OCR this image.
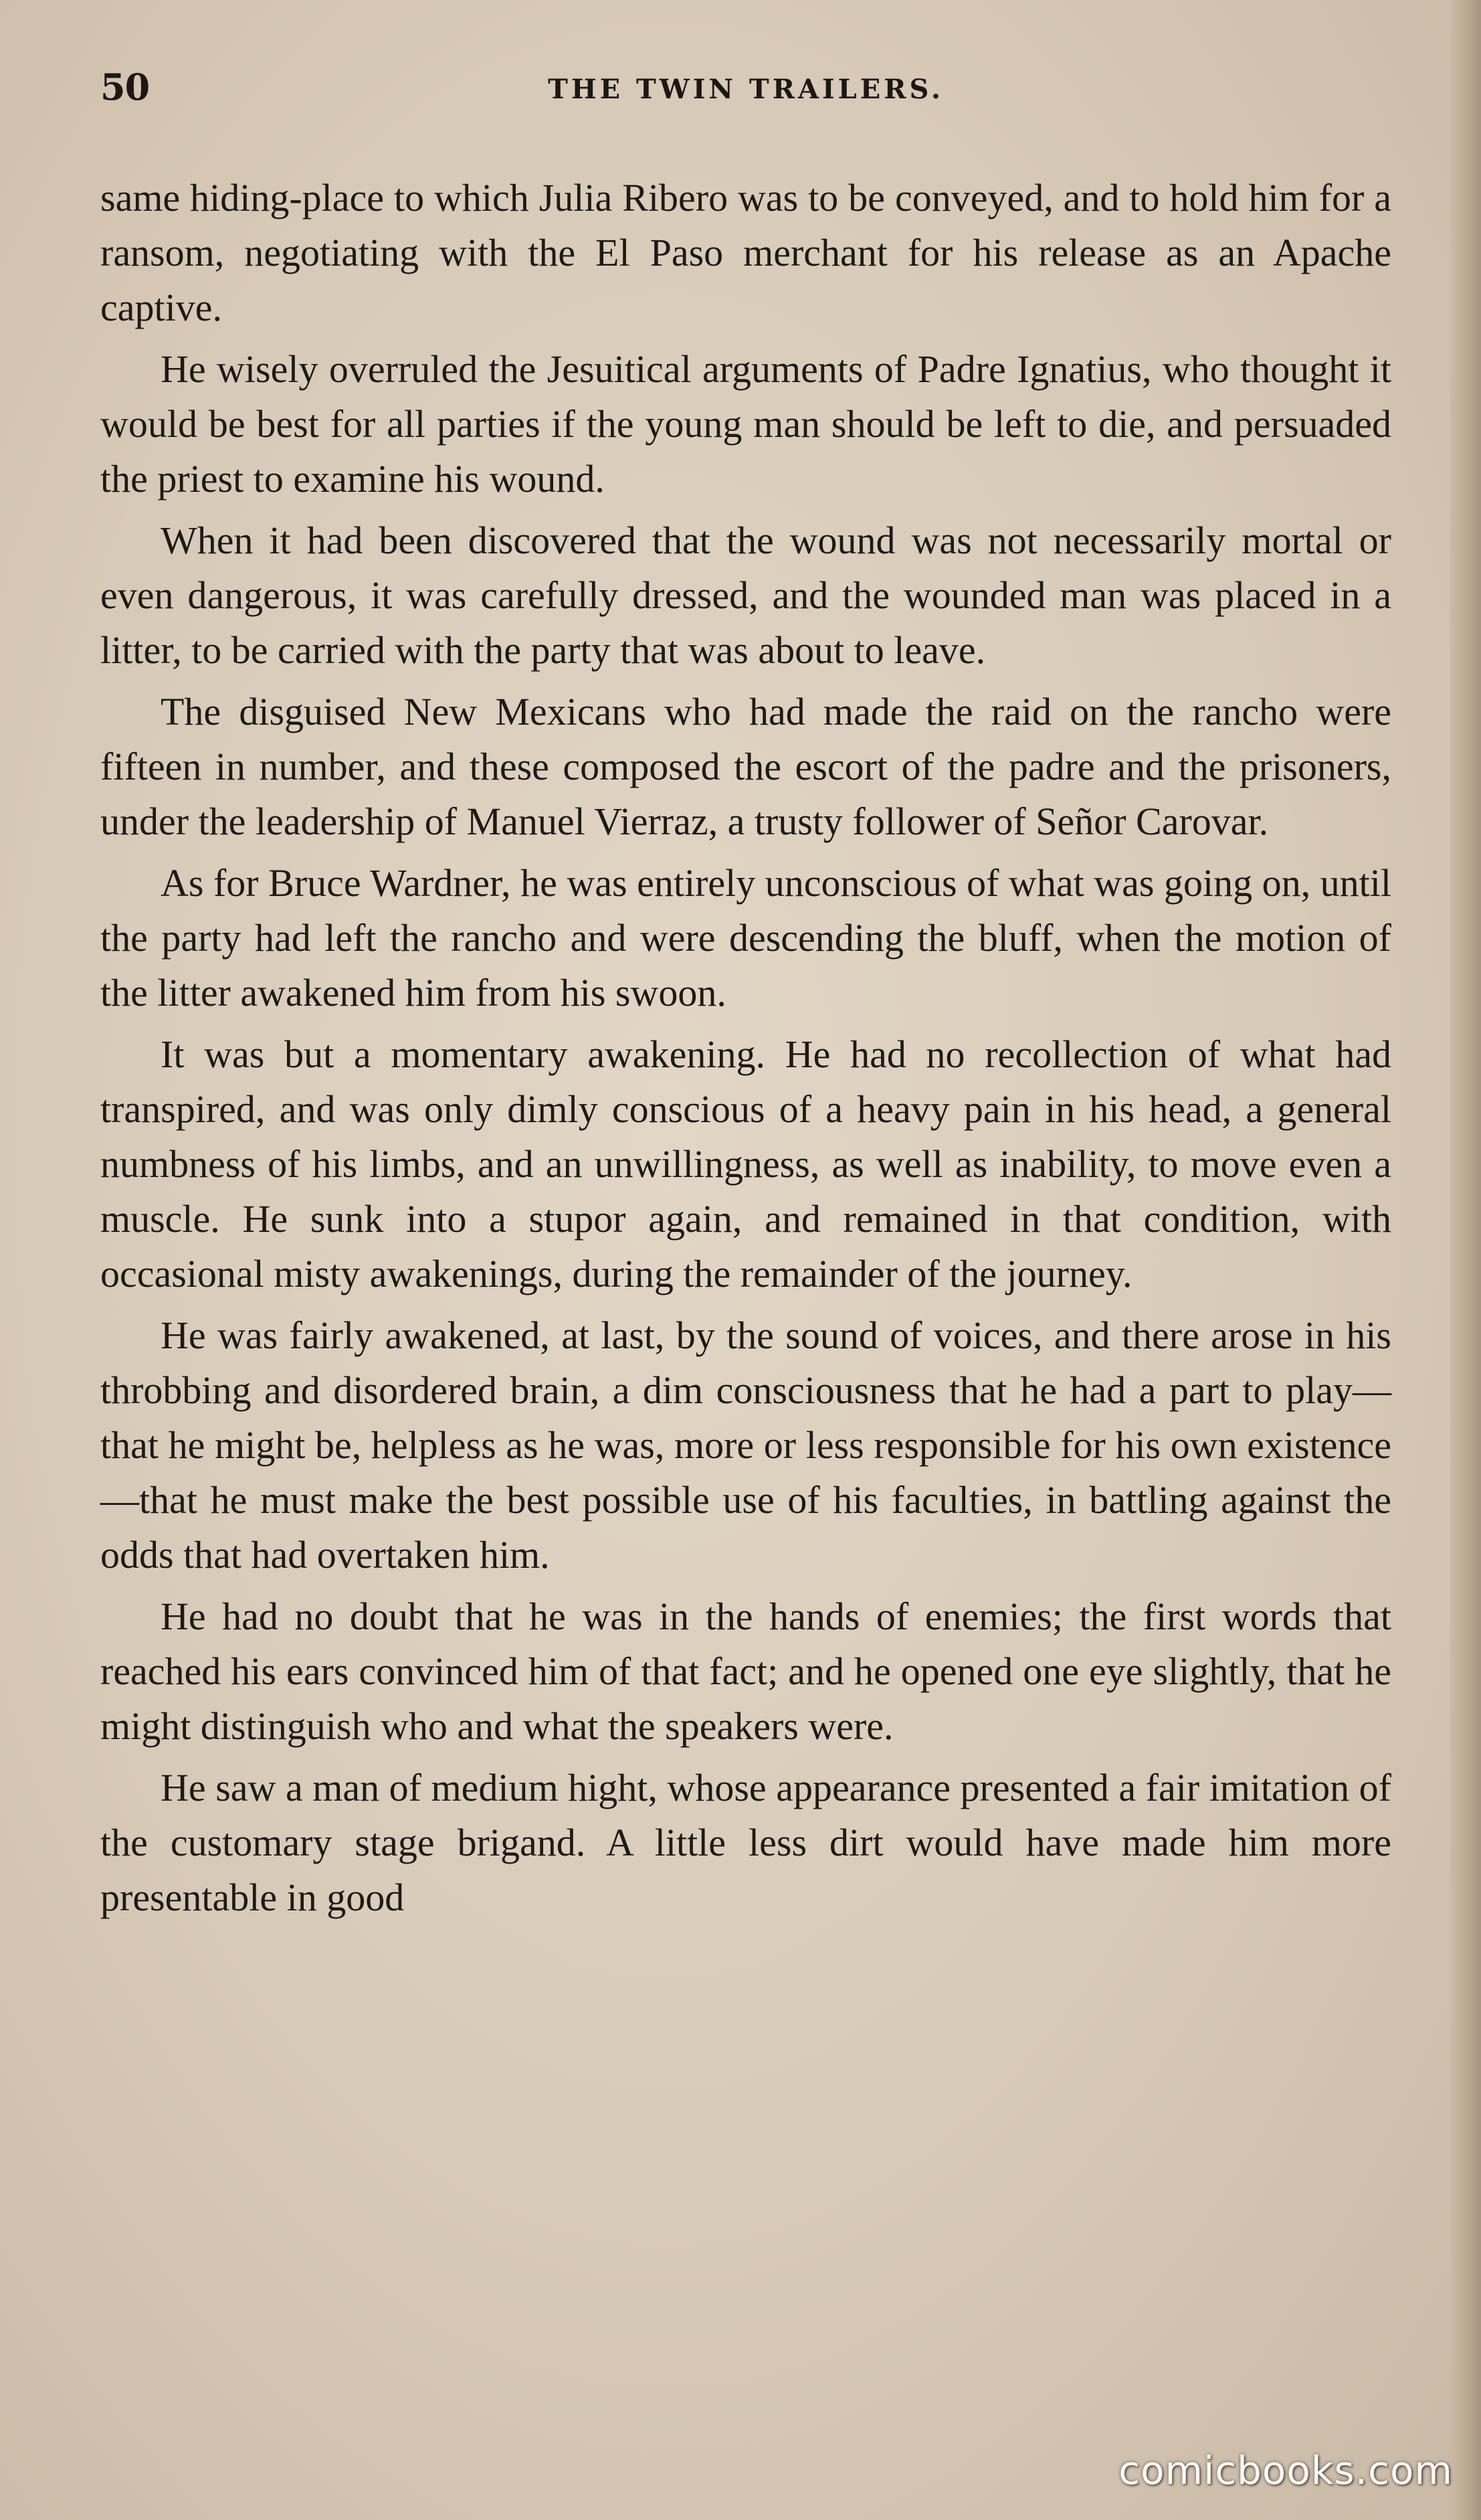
50	THE TWIN TRAILERS.

same hiding-place to which Julia Ribero was to be conveyed, and to hold him for a ransom, negotiating with the El Paso merchant for his release as an Apache captive.

He wisely overruled the Jesuitical arguments of Padre Ignatius, who thought it would be best for all parties if the young man should be left to die, and persuaded the priest to examine his wound.

When it had been discovered that the wound was not necessarily mortal or even dangerous, it was carefully dressed, and the wounded man was placed in a litter, to be carried with the party that was about to leave.

The disguised New Mexicans who had made the raid on the rancho were fifteen in number, and these composed the escort of the padre and the prisoners, under the leadership of Manuel Vierraz, a trusty follower of Señor Carovar.

As for Bruce Wardner, he was entirely unconscious of what was going on, until the party had left the rancho and were descending the bluff, when the motion of the litter awakened him from his swoon.

It was but a momentary awakening. He had no recollection of what had transpired, and was only dimly conscious of a heavy pain in his head, a general numbness of his limbs, and an unwillingness, as well as inability, to move even a muscle. He sunk into a stupor again, and remained in that condition, with occasional misty awakenings, during the remainder of the journey.

He was fairly awakened, at last, by the sound of voices, and there arose in his throbbing and disordered brain, a dim consciousness that he had a part to play—that he might be, helpless as he was, more or less responsible for his own existence—that he must make the best possible use of his faculties, in battling against the odds that had overtaken him.

He had no doubt that he was in the hands of enemies; the first words that reached his ears convinced him of that fact; and he opened one eye slightly, that he might distinguish who and what the speakers were.

He saw a man of medium hight, whose appearance presented a fair imitation of the customary stage brigand. A little less dirt would have made him more presentable in good

comicbooks.com
